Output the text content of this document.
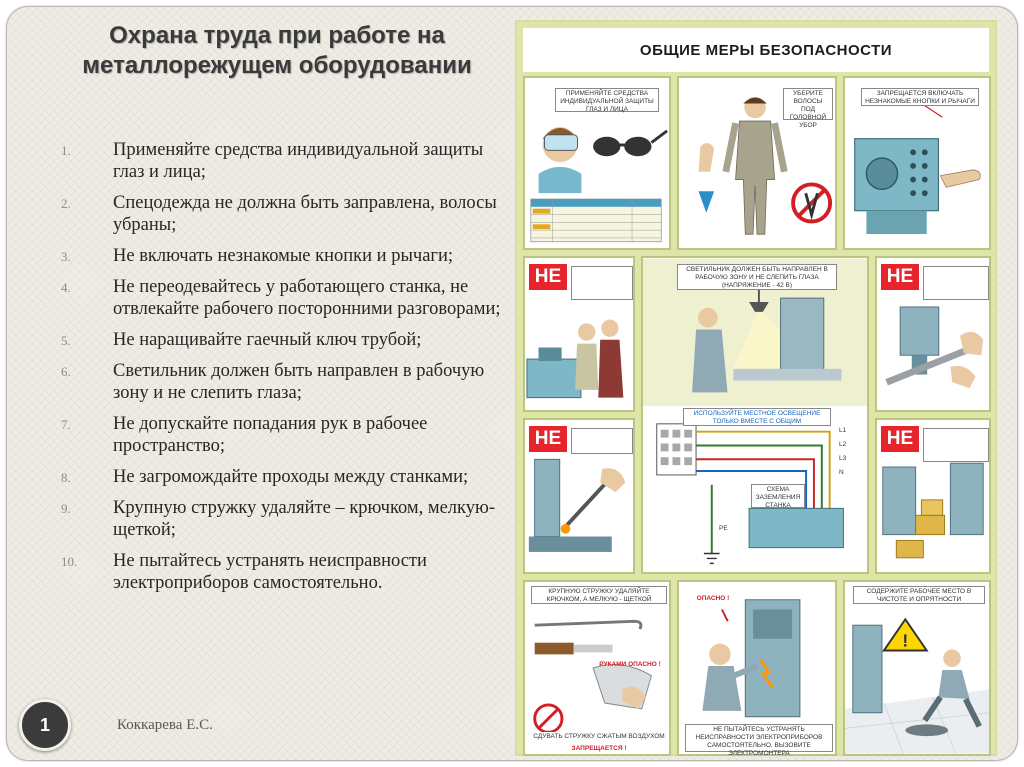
Охрана труда при работе на металлорежущем оборудовании
1.	Применяйте средства индивидуальной защиты глаз и лица;
2.	Спецодежда не должна быть заправлена, волосы убраны;
3.	Не включать незнакомые кнопки и рычаги;
4.	Не переодевайтесь у работающего станка, не отвлекайте рабочего посторонними разговорами;
5.	Не наращивайте гаечный ключ трубой;
6.	Светильник должен быть направлен в рабочую зону и не слепить глаза;
7.	Не допускайте попадания рук в рабочее пространство;
8.	Не загромождайте проходы между станками;
9.	Крупную стружку удаляйте – крючком, мелкую- щеткой;
10.	Не пытайтесь устранять неисправности электроприборов самостоятельно.
1	Коккарева Е.С.
ОБЩИЕ МЕРЫ БЕЗОПАСНОСТИ
ПРИМЕНЯЙТЕ СРЕДСТВА ИНДИВИДУАЛЬНОЙ ЗАЩИТЫ ГЛАЗ И ЛИЦА
УБЕРИТЕ ВОЛОСЫ ПОД ГОЛОВНОЙ УБОР
ЗАПРЕЩАЕТСЯ ВКЛЮЧАТЬ НЕЗНАКОМЫЕ КНОПКИ И РЫЧАГИ
НЕ	СВЕТИЛЬНИК ДОЛЖЕН БЫТЬ НАПРАВЛЕН В РАБОЧУЮ ЗОНУ И НЕ СЛЕПИТЬ ГЛАЗА (НАПРЯЖЕНИЕ - 42 В)
ИСПОЛЬЗУЙТЕ МЕСТНОЕ ОСВЕЩЕНИЕ ТОЛЬКО ВМЕСТЕ С ОБЩИМ
СХЕМА ЗАЗЕМЛЕНИЯ СТАНКА
L1
L2
L3
N
PE
НЕ
НЕ	НЕ
КРУПНУЮ СТРУЖКУ УДАЛЯЙТЕ КРЮЧКОМ, А МЕЛКУЮ - ЩЕТКОЙ
РУКАМИ ОПАСНО !
СДУВАТЬ СТРУЖКУ СЖАТЫМ ВОЗДУХОМ
ЗАПРЕЩАЕТСЯ !
ОПАСНО !
НЕ ПЫТАЙТЕСЬ УСТРАНЯТЬ НЕИСПРАВНОСТИ ЭЛЕКТРОПРИБОРОВ САМОСТОЯТЕЛЬНО. ВЫЗОВИТЕ ЭЛЕКТРОМОНТЕРА
!
СОДЕРЖИТЕ РАБОЧЕЕ МЕСТО В ЧИСТОТЕ И ОПРЯТНОСТИ
